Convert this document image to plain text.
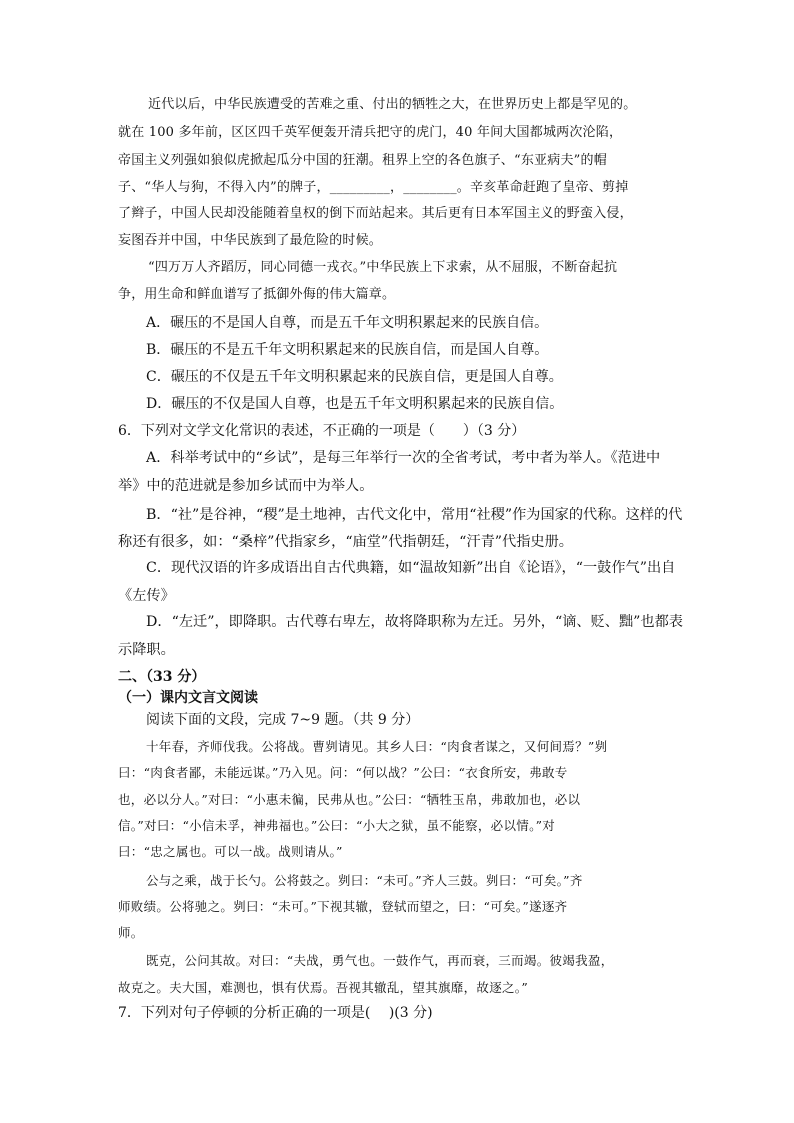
近代以后，中华民族遭受的苦难之重、付出的牺牲之大，在世界历史上都是罕见的。
就在 100 多年前，区区四千英军便轰开清兵把守的虎门，40 年间大国都城两次沦陷，
帝国主义列强如狼似虎掀起瓜分中国的狂潮。租界上空的各色旗子、“东亚病夫”的帽
子、“华人与狗，不得入内”的牌子，_________，________。辛亥革命赶跑了皇帝、剪掉
了辫子，中国人民却没能随着皇权的倒下而站起来。其后更有日本军国主义的野蛮入侵，
妄图吞并中国，中华民族到了最危险的时候。
“四万万人齐蹈厉，同心同德一戎衣。”中华民族上下求索，从不屈服，不断奋起抗
争，用生命和鲜血谱写了抵御外侮的伟大篇章。
A．碾压的不是国人自尊，而是五千年文明积累起来的民族自信。
B．碾压的不是五千年文明积累起来的民族自信，而是国人自尊。
C．碾压的不仅是五千年文明积累起来的民族自信，更是国人自尊。
D．碾压的不仅是国人自尊，也是五千年文明积累起来的民族自信。
6．下列对文学文化常识的表述，不正确的一项是（　　）（3 分）
A．科举考试中的“乡试”，是每三年举行一次的全省考试，考中者为举人。《范进中
举》中的范进就是参加乡试而中为举人。
B．“社”是谷神，“稷”是土地神，古代文化中，常用“社稷”作为国家的代称。这样的代
称还有很多，如：“桑梓”代指家乡，“庙堂”代指朝廷，“汗青”代指史册。
C．现代汉语的许多成语出自古代典籍，如“温故知新”出自《论语》，“一鼓作气”出自
《左传》
D．“左迁”，即降职。古代尊右卑左，故将降职称为左迁。另外，“谪、贬、黜”也都表
示降职。
二、（33 分）
（一）课内文言文阅读
阅读下面的文段，完成 7~9 题。（共 9 分）
十年春，齐师伐我。公将战。曹刿请见。其乡人曰：“肉食者谋之，又何间焉？”刿
曰：“肉食者鄙，未能远谋。”乃入见。问：“何以战？”公曰：“衣食所安，弗敢专
也，必以分人。”对曰：“小惠未徧，民弗从也。”公曰：“牺牲玉帛，弗敢加也，必以
信。”对曰：“小信未孚，神弗福也。”公曰：“小大之狱，虽不能察，必以情。”对
曰：“忠之属也。可以一战。战则请从。”
公与之乘，战于长勺。公将鼓之。刿曰：“未可。”齐人三鼓。刿曰：“可矣。”齐
师败绩。公将驰之。刿曰：“未可。”下视其辙，登轼而望之，曰：“可矣。”遂逐齐
师。
既克，公问其故。对曰：“夫战，勇气也。一鼓作气，再而衰，三而竭。彼竭我盈，
故克之。夫大国，难测也，惧有伏焉。吾视其辙乱，望其旗靡，故逐之。”
7．下列对句子停顿的分析正确的一项是(　 )(3 分)
